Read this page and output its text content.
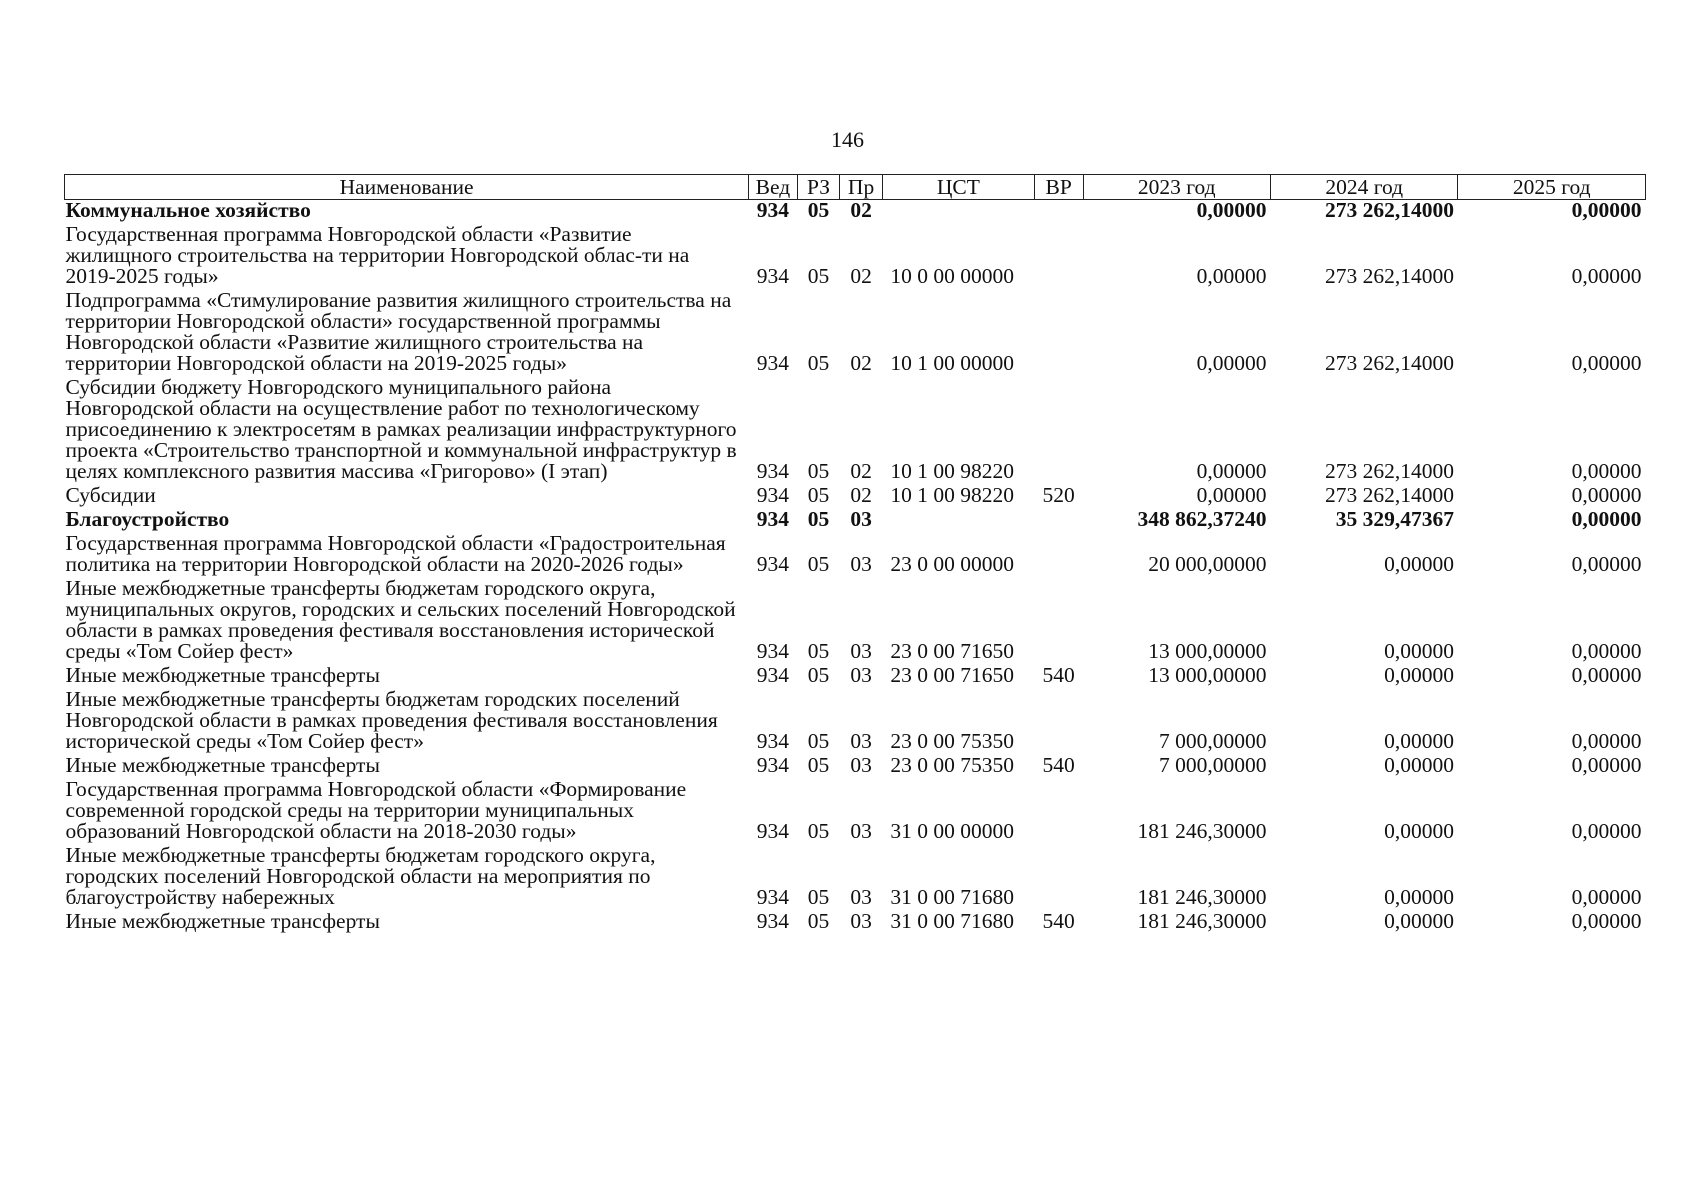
146
Наименование	Вед	РЗ	Пр	ЦСТ	ВР	2023 год	2024 год	2025 год
Коммунальное хозяйство	934	05	02			0,00000	273 262,14000	0,00000
Государственная программа Новгородской области «Развитие жилищного строительства на территории Новгородской облас-ти на 2019-2025 годы»	934	05	02	10 0 00 00000		0,00000	273 262,14000	0,00000
Подпрограмма «Стимулирование развития жилищного строительства на территории Новгородской области» государственной программы Новгородской области «Развитие жилищного строительства на территории Новгородской области на 2019-2025 годы»	934	05	02	10 1 00 00000		0,00000	273 262,14000	0,00000
Субсидии бюджету Новгородского муниципального района Новгородской области на осуществление работ по технологическому присоединению к электросетям в рамках реализации инфраструктурного проекта «Строительство транспортной и коммунальной инфраструктур в целях комплексного развития массива «Григорово» (I этап)	934	05	02	10 1 00 98220		0,00000	273 262,14000	0,00000
Субсидии	934	05	02	10 1 00 98220	520	0,00000	273 262,14000	0,00000
Благоустройство	934	05	03			348 862,37240	35 329,47367	0,00000
Государственная программа Новгородской области «Градостроительная политика на территории Новгородской области на 2020-2026 годы»	934	05	03	23 0 00 00000		20 000,00000	0,00000	0,00000
Иные межбюджетные трансферты бюджетам городского округа, муниципальных округов, городских и сельских поселений Новгородской области в рамках проведения фестиваля восстановления исторической среды «Том Сойер фест»	934	05	03	23 0 00 71650		13 000,00000	0,00000	0,00000
Иные межбюджетные трансферты	934	05	03	23 0 00 71650	540	13 000,00000	0,00000	0,00000
Иные межбюджетные трансферты бюджетам городских поселений Новгородской области в рамках проведения фестиваля восстановления исторической среды «Том Сойер фест»	934	05	03	23 0 00 75350		7 000,00000	0,00000	0,00000
Иные межбюджетные трансферты	934	05	03	23 0 00 75350	540	7 000,00000	0,00000	0,00000
Государственная программа Новгородской области «Формирование современной городской среды на территории муниципальных образований Новгородской области на 2018-2030 годы»	934	05	03	31 0 00 00000		181 246,30000	0,00000	0,00000
Иные межбюджетные трансферты бюджетам городского округа, городских поселений Новгородской области на мероприятия по благоустройству набережных	934	05	03	31 0 00 71680		181 246,30000	0,00000	0,00000
Иные межбюджетные трансферты	934	05	03	31 0 00 71680	540	181 246,30000	0,00000	0,00000
